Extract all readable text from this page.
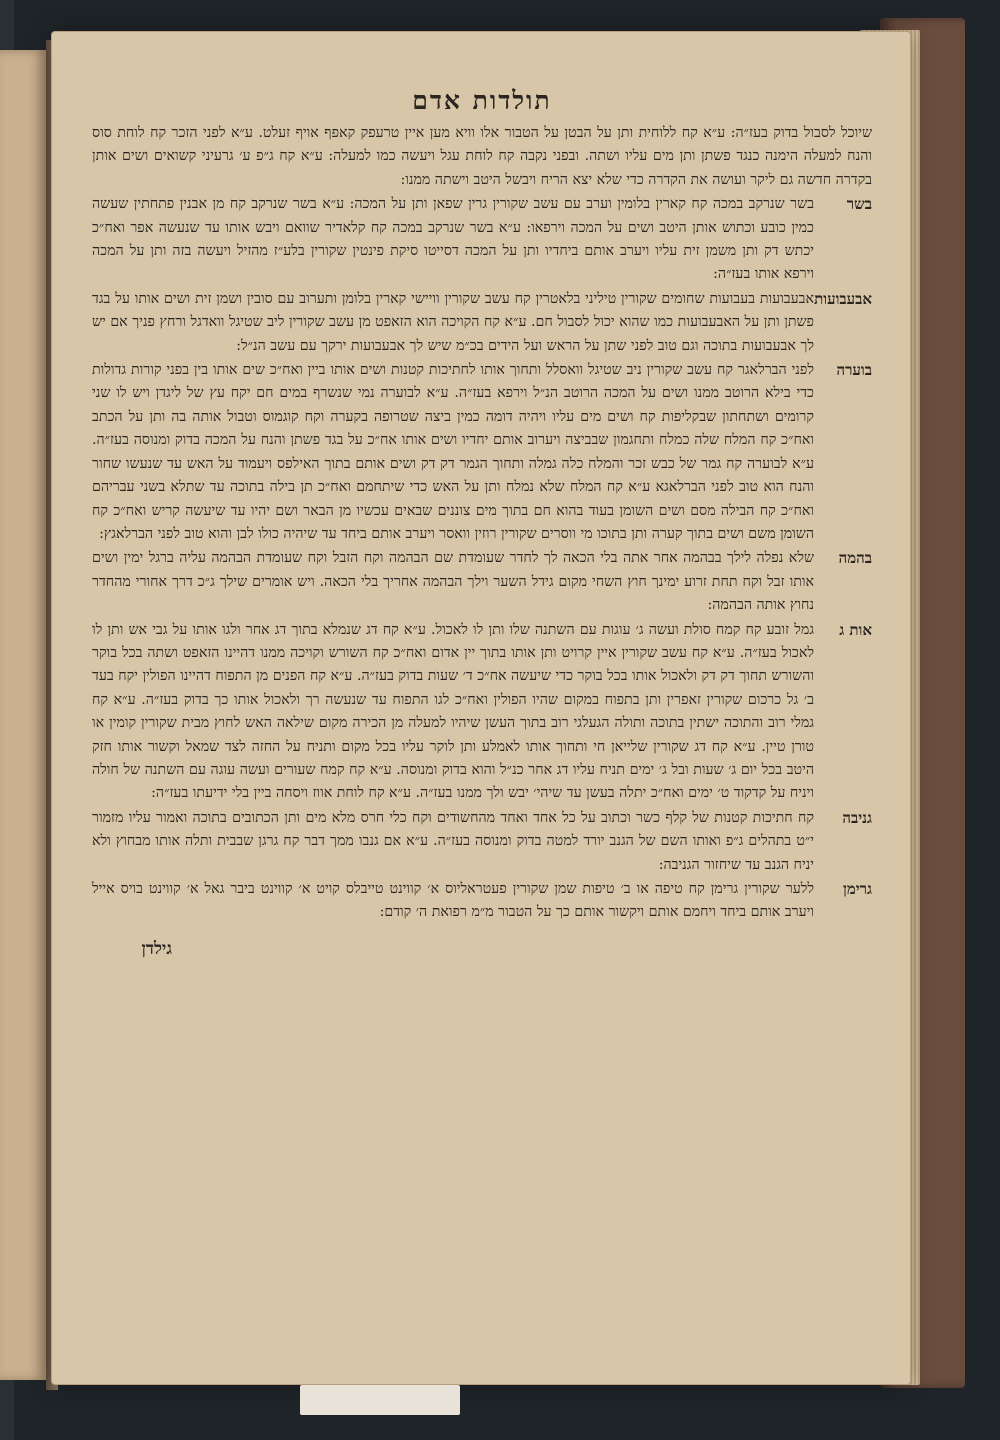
תולדות אדם
שיוכל לסבול בדוק בעז״ה: ע״א קח ללוחית ותן על הבטן על הטבור אלו וויא מען איין טרעפק קאפף אויף זעלט. ע״א לפני הזכר קח לוחת סוס והנח למעלה הימנה כנגד פשתן ותן מים עליו ושתה. ובפני נקבה קח לוחת עגל ויעשה כמו למעלה: ע״א קח ג״פ ע׳ גרעיני קשואים ושים אותן בקדרה חדשה גם ליקר ועושה את הקדרה כדי שלא יצא הריח ויבשל היטב וישתה ממנו:
בשר
בשר שנרקב במכה קח קארין בלומין וערב עם עשב שקורין גרין שפאן ותן על המכה: ע״א בשר שנרקב קח מן אבנין פתחתין שעשה כמין כובע וכתוש אותן היטב ושים על המכה וירפאו: ע״א בשר שנרקב במכה קח קלאדיר שוואם ויבש אותו עד שנעשה אפר ואח״כ יכתש דק ותן משמן זית עליו ויערב אותם ביחדיו ותן על המכה דסייטו סיקת פינטין שקורין בלע״ז מהזיל ויעשה בזה ותן על המכה וירפא אותו בעז״ה:
אבעבועות
אבעבועות בעבועות שחומים שקורין טיליני בלאטרין קח עשב שקורין וויישי קארין בלומן ותערוב עם סובין ושמן זית ושים אותו על בגד פשתן ותן על האבעבועות כמו שהוא יכול לסבול חם. ע״א קח הקויכה הוא הזאפט מן עשב שקורין ליב שטיגל וואדגל ורחץ פניך אם יש לך אבעבועות בתוכה וגם טוב לפני שתן על הראש ועל הידים בכ״מ שיש לך אבעבועות ירקך עם עשב הנ״ל:
בוערה
לפני הברלאגר קח עשב שקורין ניב שטיגל וואסלל ותחוך אותו לחתיכות קטנות ושים אותו ביין ואח״כ שים אותו בין בפני קורות גדולות כדי בילא הרוטב ממנו ושים על המכה הרוטב הנ״ל וירפא בעז״ה. ע״א לבוערה נמי שנשרף במים חם יקח עץ של ליגדן ויש לו שני קרומים ושתחתון שבקליפות קח ושים מים עליו ויהיה דומה כמין ביצה שטרופה בקערה וקח קוגמוס וטבול אותה בה ותן על הכתב ואח״כ קח המלח שלה כמלח ותחגמון שבביצה ויערוב אותם יחדיו ושים אותו אח״כ על בגד פשתן והנח על המכה בדוק ומנוסה בעז״ה. ע״א לבוערה קח גמר של כבש זכר והמלח כלה גמלה ותחוך הגמר דק דק ושים אותם בתוך האילפס ויעמוד על האש עד שנעשו שחור והנח הוא טוב לפני הברלאגא ע״א קח המלח שלא נמלח ותן על האש כדי שיתחמם ואח״כ תן בילה בתוכה עד שתלא בשני עבריהם ואח״כ קח הבילה מסם ושים השומן בעוד בהוא חם בתוך מים צוננים שבאים עכשיו מן הבאר ושם יהיו עד שיעשה קריש ואח״כ קח השומן משם ושים בתוך קערה ותן בתוכו מי ווסרים שקורין רוזין וואסר ויערב אותם ביחד עד שיהיה כולו לבן והוא טוב לפני הברלאגץ:
בהמה
שלא נפלה לילך בבהמה אחר אתה בלי הכאה לך לחדר שעומדת שם הבהמה וקח הזבל וקח שעומדת הבהמה עליה ברגל ימין ושים אותו זבל וקח תחת זרוע ימינך חוץ השחי מקום גידל השער וילך הבהמה אחריך בלי הכאה. ויש אומרים שילך ג״כ דרך אחורי מהחדר נחוץ אותה הבהמה:
אות ג
גמל זובע קח קמח סולת ועשה ג׳ עוגות עם השתנה שלו ותן לו לאכול. ע״א קח דג שנמלא בתוך דג אחר ולגו אותו על גבי אש ותן לו לאכול בעז״ה. ע״א קח עשב שקורין איין קרויט ותן אותו בתוך יין אדום ואח״כ קח השורש וקויכה ממנו דהיינו הזאפט ושתה בכל בוקר והשורש תחוך דק דק ולאכול אותו בכל בוקר כדי שיעשה אח״כ ד׳ שעות בדוק בעז״ה. ע״א קח הפנים מן התפוח דהיינו הפולין יקח בעד ב׳ גל כרכום שקורין זאפרין ותן בתפוח במקום שהיו הפולין ואח״כ לגו התפוח עד שנעשה רך ולאכול אותו כך בדוק בעז״ה. ע״א קח גמלי רוב והתוכה ישתין בתוכה ותולה הגעלגי רוב בתוך העשן שיהיו למעלה מן הכירה מקום שילאה האש לחוץ מבית שקורין קומין או טורן טיין. ע״א קח דג שקורין שלייאן חי ותחוך אותו לאמלע ותן לוקר עליו בכל מקום ותניח על החזה לצד שמאל וקשור אותו חזק היטב בכל יום ג׳ שעות ובל ג׳ ימים תניח עליו דג אחר כנ״ל והוא בדוק ומנוסה. ע״א קח קמח שעורים ועשה עוגה עם השתנה של חולה ויניח על קדקוד ט׳ ימים ואח״כ יתלה בעשן עד שיהי׳ יבש ולך ממנו בעז״ה. ע״א קח לוחת אווז ויסחה ביין בלי ידיעתו בעז״ה:
גניבה
קח חתיכות קטנות של קלף כשר וכתוב על כל אחד ואחד מהחשודים וקח כלי חרס מלא מים ותן הכתובים בתוכה ואמור עליו מזמור י״ט בתהלים ג״פ ואותו השם של הגנב יורד למטה בדוק ומנוסה בעז״ה. ע״א אם גנבו ממך דבר קח גרגן שבבית ותלה אותו מבחוץ ולא יניח הגנב עד שיחזור הגניבה:
גרימן
ללער שקורין גרימן קח טיפה או ב׳ טיפות שמן שקורין פעטראליוס א׳ קווינט טייבלס קויט א׳ קווינט ביבר גאל א׳ קווינט בויס אייל ויערב אותם ביחד ויחמם אותם ויקשור אותם כך על הטבור מ״מ רפואת ה׳ קודם:
גילדן
